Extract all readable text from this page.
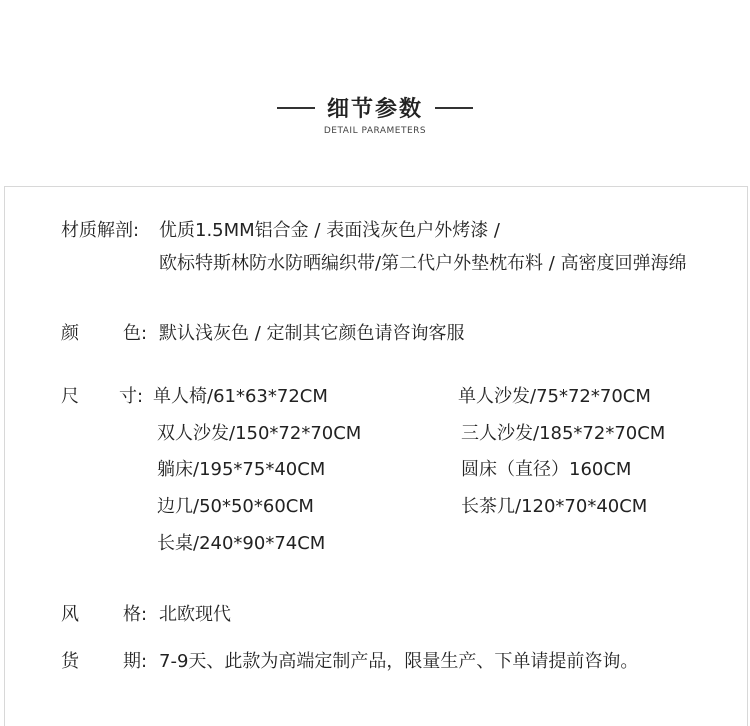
细节参数
DETAIL PARAMETERS
材质解剖: 优质1.5MM铝合金 / 表面浅灰色户外烤漆 /
欧标特斯林防水防晒编织带/第二代户外垫枕布料 / 高密度回弹海绵
颜 色: 默认浅灰色 / 定制其它颜色请咨询客服
尺 寸: 单人椅/61*63*72CM	单人沙发/75*72*70CM
双人沙发/150*72*70CM	三人沙发/185*72*70CM
躺床/195*75*40CM	圆床（直径）160CM
边几/50*50*60CM	长茶几/120*70*40CM
长桌/240*90*74CM
风 格: 北欧现代
货 期: 7-9天、此款为高端定制产品，限量生产、下单请提前咨询。
